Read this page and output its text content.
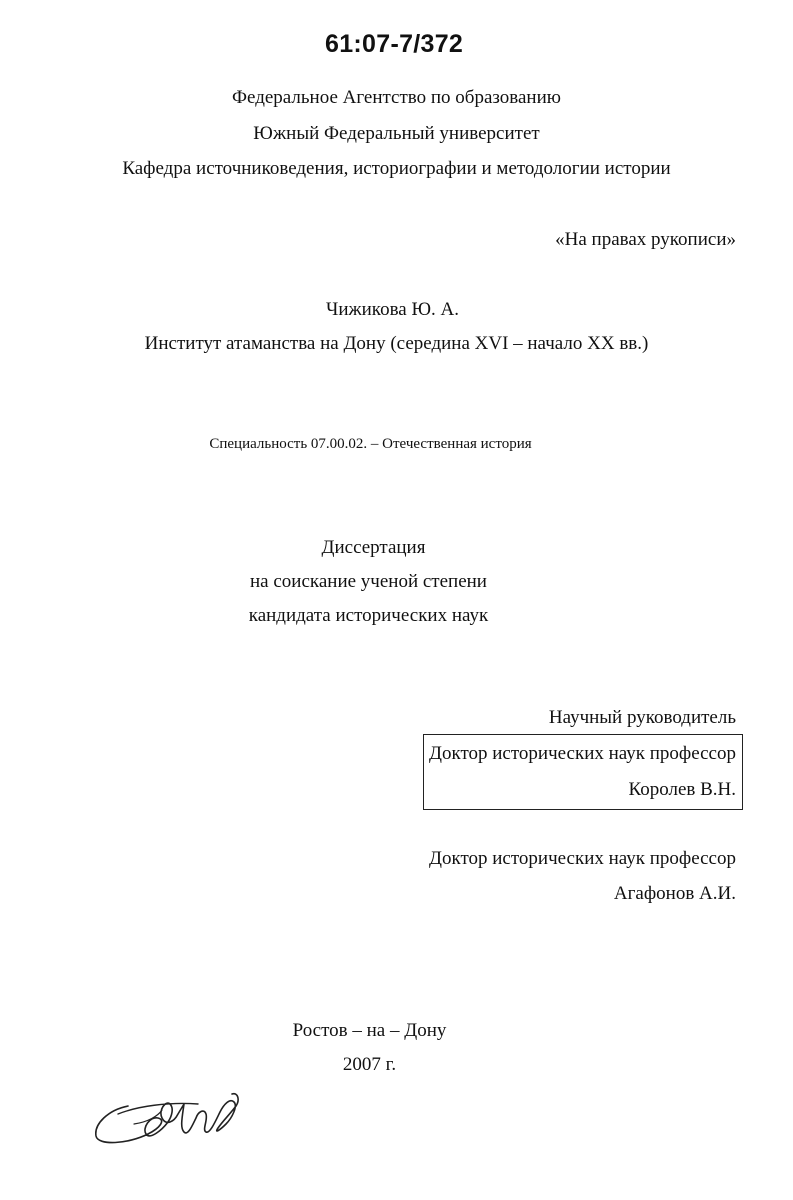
61:07-7/372
Федеральное Агентство по образованию
Южный Федеральный университет
Кафедра источниковедения, историографии и методологии истории
«На правах рукописи»
Чижикова Ю. А.
Институт атаманства на Дону (середина XVI – начало XX вв.)
Специальность 07.00.02. – Отечественная история
Диссертация
на соискание ученой степени
кандидата исторических наук
Научный руководитель
Доктор исторических наук профессор
Королев В.Н.
Доктор исторических наук профессор
Агафонов А.И.
Ростов – на – Дону
2007 г.
